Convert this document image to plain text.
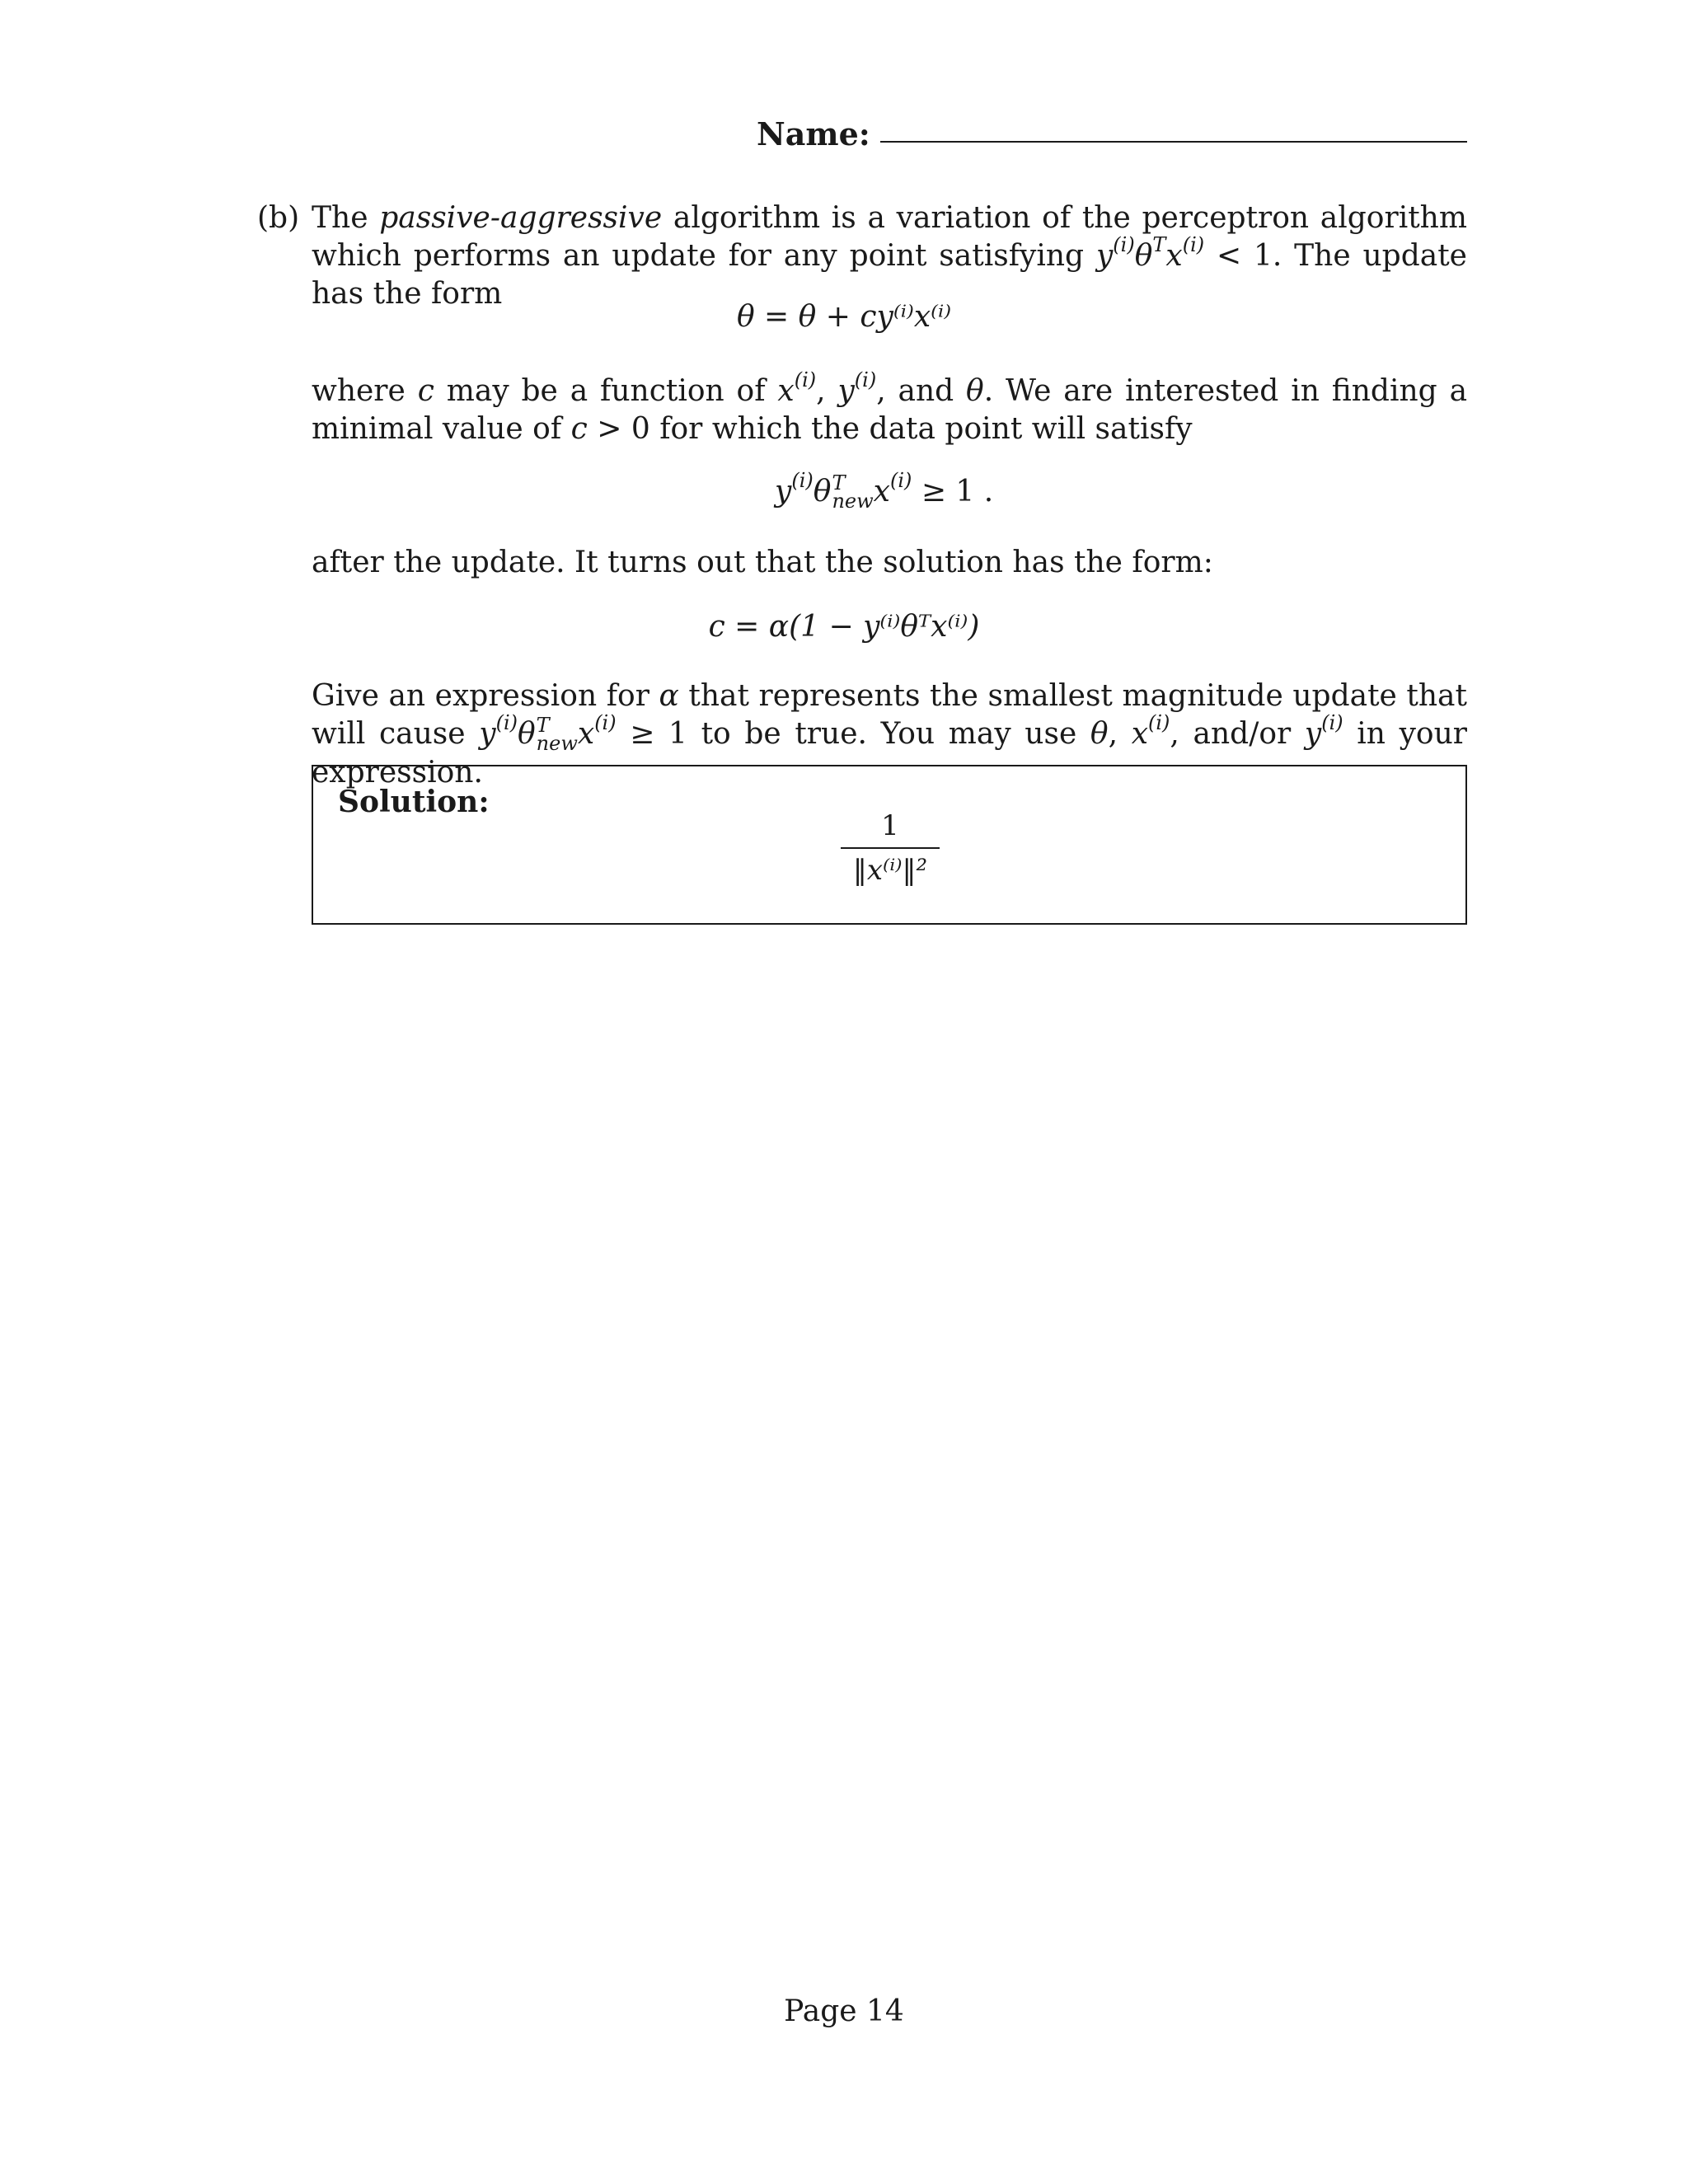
Name:
(b) The passive-aggressive algorithm is a variation of the perceptron algorithm which performs an update for any point satisfying $y^{(i)}\theta^Tx^{(i)} < 1$. The update has the form
θ = θ + cy⁽ⁱ⁾x⁽ⁱ⁾
where c may be a function of $x^{(i)}$, $y^{(i)}$, and θ. We are interested in finding a minimal value of c > 0 for which the data point will satisfy
$y^{(i)}\theta$ T
new $x^{(i)} \ge 1$ .
after the update. It turns out that the solution has the form:
c = α(1 − y⁽ⁱ⁾θᵀx⁽ⁱ⁾)
Give an expression for α that represents the smallest magnitude update that will cause $y^{(i)}\theta$ T
new $x^{(i)} \ge 1$ to be true. You may use θ, $x^{(i)}$, and/or $y^{(i)}$ in your expression.
Solution:
1
‖x⁽ⁱ⁾‖²
Page 14
